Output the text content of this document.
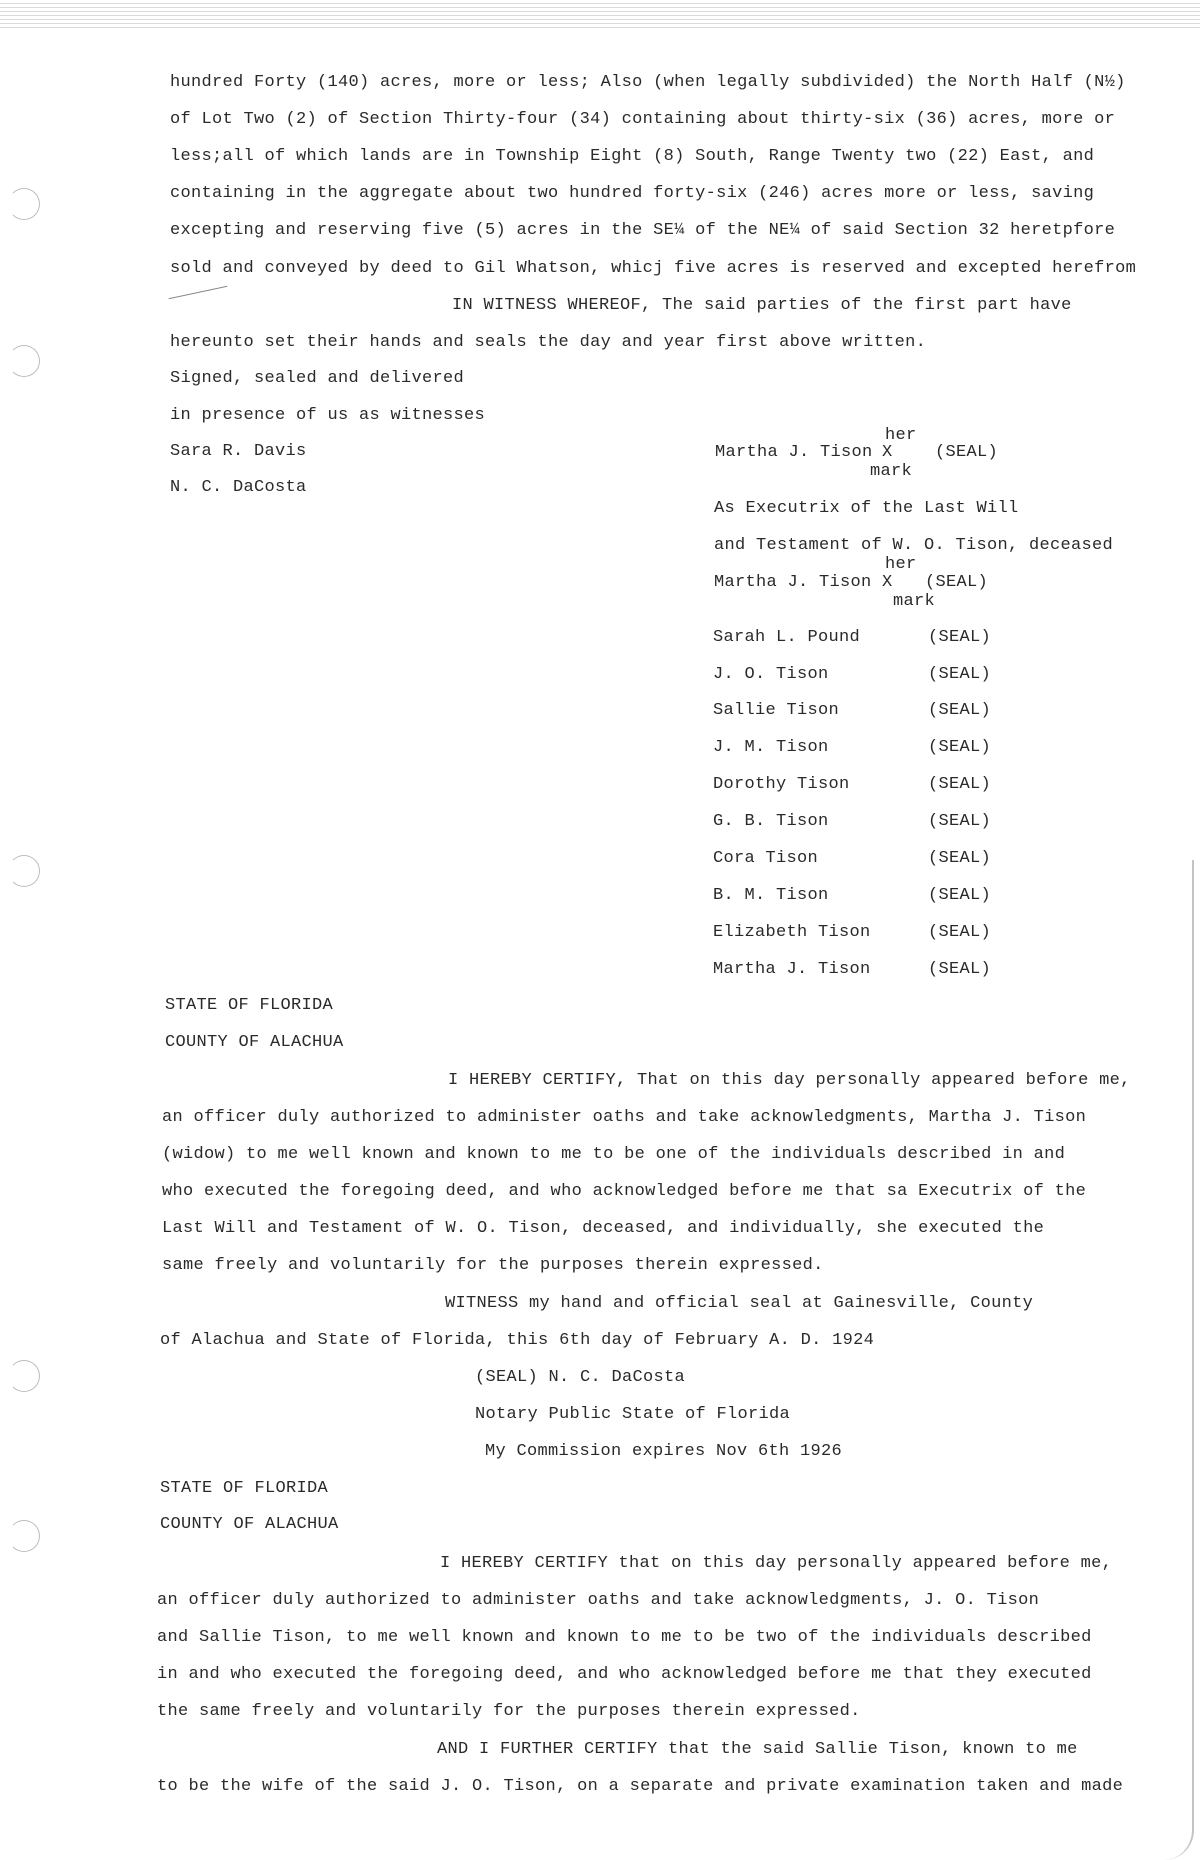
hundred Forty (140) acres, more or less; Also (when legally subdivided) the North Half (N½)
of Lot Two (2) of Section Thirty-four (34) containing about thirty-six (36) acres, more or
less;all of which lands are in Township Eight (8) South, Range Twenty two (22) East, and
containing in the aggregate about two hundred forty-six (246) acres more or less, saving
excepting and reserving five (5) acres in the SE¼ of the NE¼ of said Section 32 heretpfore
sold and conveyed by deed to Gil Whatson, whicj five acres is reserved and excepted herefrom
IN WITNESS WHEREOF, The said parties of the first part have
hereunto set their hands and seals the day and year first above written.
Signed, sealed and delivered
in presence of us as witnesses
Sara R. Davis
N. C. DaCosta
her
Martha J. Tison X (SEAL)
mark
As Executrix of the Last Will
and Testament of W. O. Tison, deceased
her
Martha J. Tison X (SEAL)
mark
Sarah L. Pound	(SEAL)
J. O. Tison	(SEAL)
Sallie Tison	(SEAL)
J. M. Tison	(SEAL)
Dorothy Tison	(SEAL)
G. B. Tison	(SEAL)
Cora Tison	(SEAL)
B. M. Tison	(SEAL)
Elizabeth Tison	(SEAL)
Martha J. Tison	(SEAL)
STATE OF FLORIDA
COUNTY OF ALACHUA
I HEREBY CERTIFY, That on this day personally appeared before me,
an officer duly authorized to administer oaths and take acknowledgments, Martha J. Tison
(widow) to me well known and known to me to be one of the individuals described in and
who executed the foregoing deed, and who acknowledged before me that sa Executrix of the
Last Will and Testament of W. O. Tison, deceased, and individually, she executed the
same freely and voluntarily for the purposes therein expressed.
WITNESS my hand and official seal at Gainesville, County
of Alachua and State of Florida, this 6th day of February A. D. 1924
(SEAL) N. C. DaCosta
Notary Public State of Florida
My Commission expires Nov 6th 1926
STATE OF FLORIDA
COUNTY OF ALACHUA
I HEREBY CERTIFY that on this day personally appeared before me,
an officer duly authorized to administer oaths and take acknowledgments, J. O. Tison
and Sallie Tison, to me well known and known to me to be two of the individuals described
in and who executed the foregoing deed, and who acknowledged before me that they executed
the same freely and voluntarily for the purposes therein expressed.
AND I FURTHER CERTIFY that the said Sallie Tison, known to me
to be the wife of the said J. O. Tison, on a separate and private examination taken and made
